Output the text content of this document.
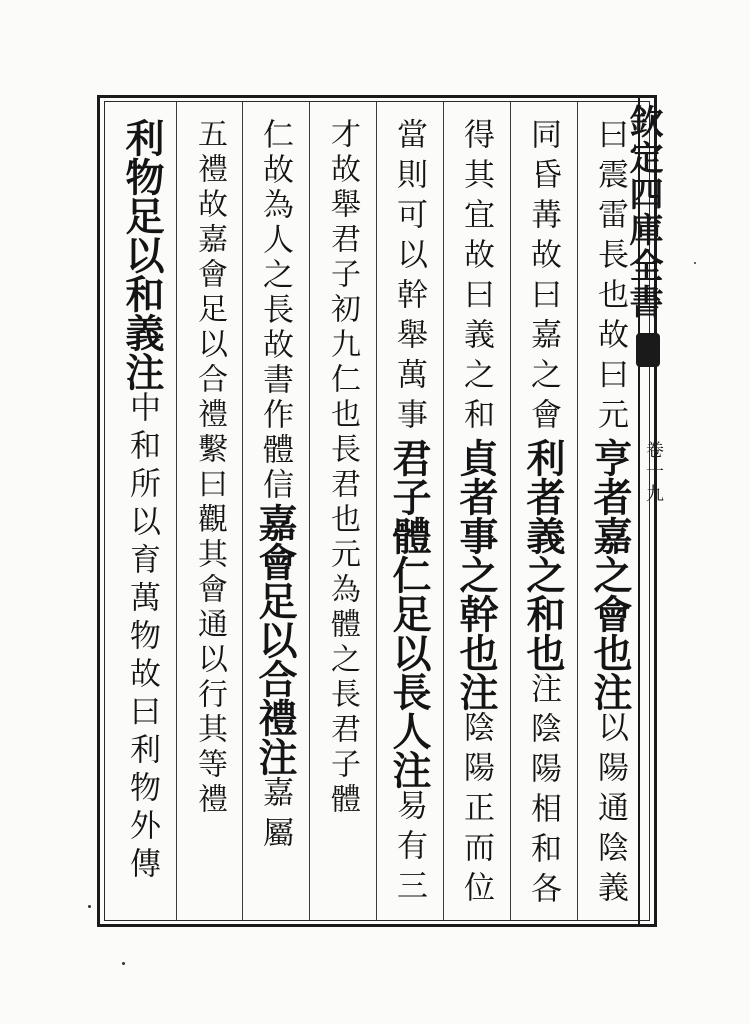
欽定四庫全書
卷十九
曰震雷長也故曰元
亨者嘉之會也注
以陽通陰義
同昏冓故曰嘉之會
利者義之和也
注陰陽相和各
得其宜故曰義之和
貞者事之幹也注
陰陽正而位
當則可以幹舉萬事
君子體仁足以長人注
易有三
才故舉君子初九仁也長君也元為體之長君子體
仁故為人之長故書作體信
嘉會足以合禮注
嘉屬
五禮故嘉會足以合禮繫曰觀其會通以行其等禮
利物足以和義注
中和所以育萬物故曰利物外傳
